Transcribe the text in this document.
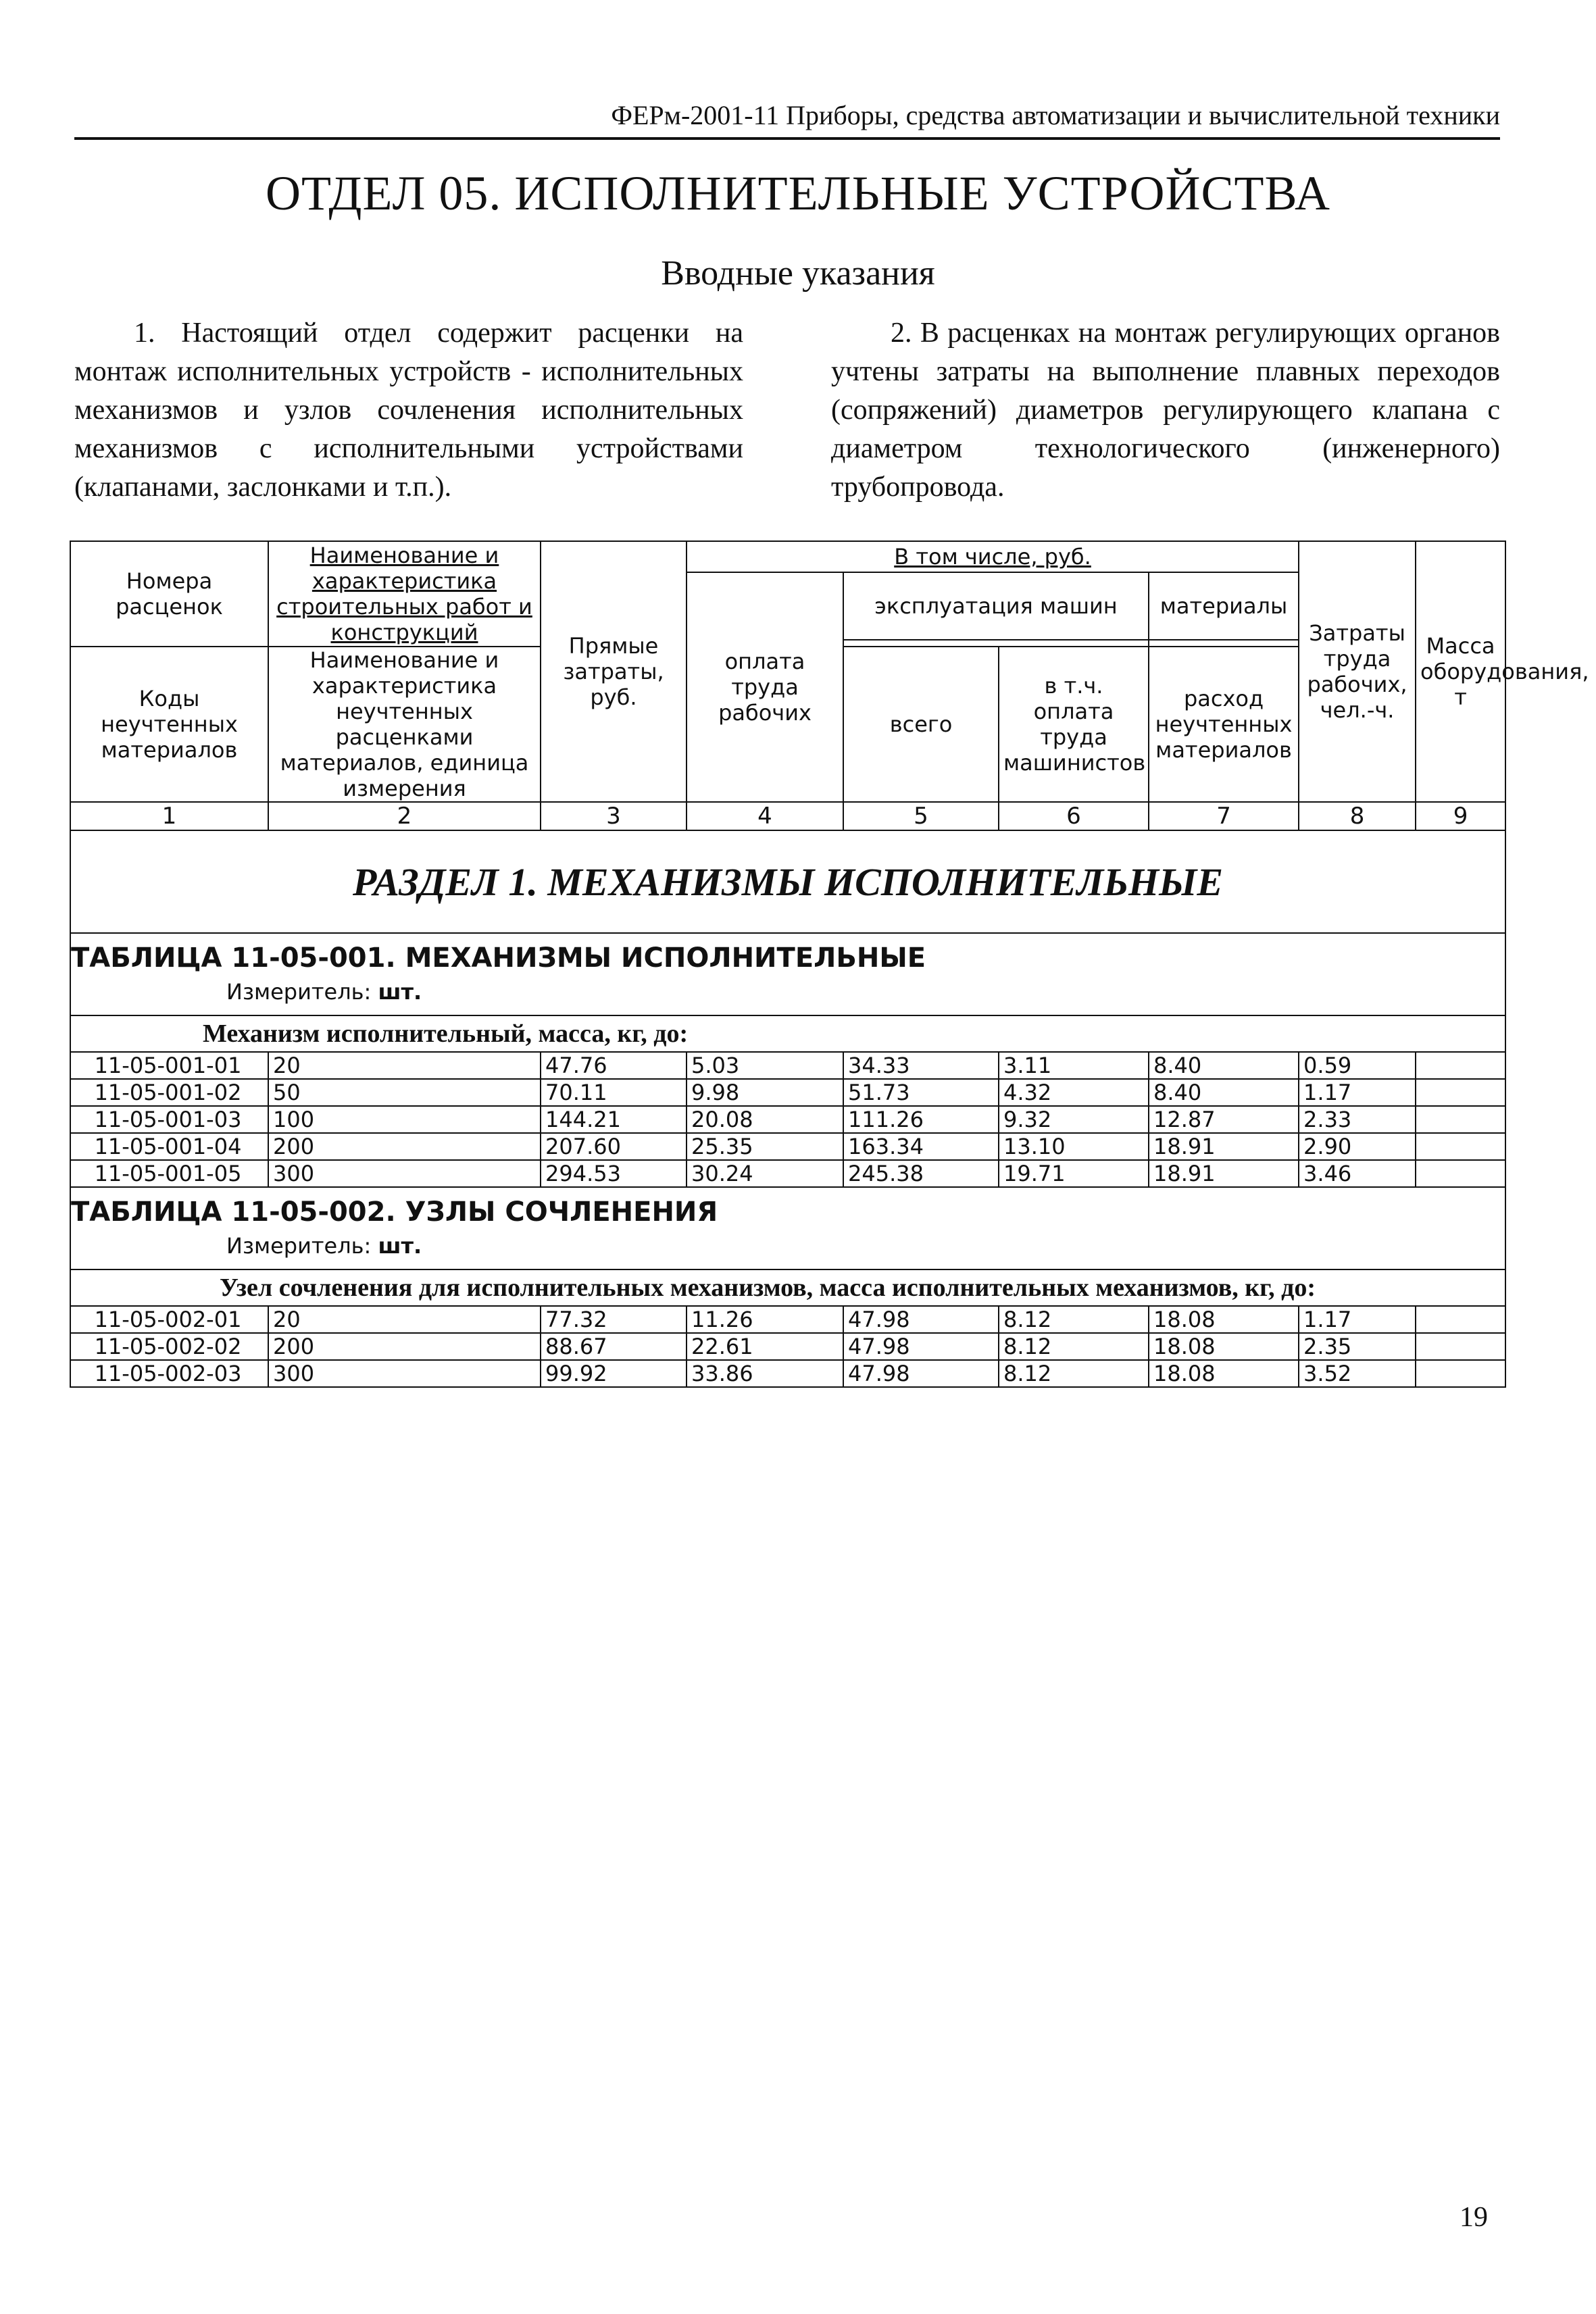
ФЕРм-2001-11 Приборы, средства автоматизации и вычислительной техники
ОТДЕЛ 05. ИСПОЛНИТЕЛЬНЫЕ УСТРОЙСТВА
Вводные указания
1. Настоящий отдел содержит расценки на монтаж исполнительных устройств - исполнительных механизмов и узлов сочленения исполнительных механизмов с исполнительными устройствами (клапанами, заслонками и т.п.).
2. В расценках на монтаж регулирующих органов учтены затраты на выполнение плавных переходов (сопряжений) диаметров регулирующего клапана с диаметром технологического (инженерного) трубопровода.
Номера расценок	Наименование и характеристика строительных работ и конструкций	Прямые затраты, руб.	В том числе, руб.				Затраты труда рабочих, чел.-ч.	Масса оборудования, т
			оплата труда рабочих	эксплуатация машин		материалы		

Коды неучтенных материалов	Наименование и характеристика неучтенных расценками материалов, единица измерения			всего	в т.ч. оплата труда машинистов	расход неучтенных материалов		

1	2	3	4	5	6	7	8	9
РАЗДЕЛ 1. МЕХАНИЗМЫ ИСПОЛНИТЕЛЬНЫЕ								
ТАБЛИЦА 11-05-001. МЕХАНИЗМЫ ИСПОЛНИТЕЛЬНЫЕ								
Измеритель: шт.								
Механизм исполнительный, масса, кг, до:								
11-05-001-01	20	47.76	5.03	34.33	3.11	8.40	0.59	
11-05-001-02	50	70.11	9.98	51.73	4.32	8.40	1.17	
11-05-001-03	100	144.21	20.08	111.26	9.32	12.87	2.33	
11-05-001-04	200	207.60	25.35	163.34	13.10	18.91	2.90	
11-05-001-05	300	294.53	30.24	245.38	19.71	18.91	3.46	
ТАБЛИЦА 11-05-002. УЗЛЫ СОЧЛЕНЕНИЯ								
Измеритель: шт.								
Узел сочленения для исполнительных механизмов, масса исполнительных механизмов, кг, до:								
11-05-002-01	20	77.32	11.26	47.98	8.12	18.08	1.17	
11-05-002-02	200	88.67	22.61	47.98	8.12	18.08	2.35	
11-05-002-03	300	99.92	33.86	47.98	8.12	18.08	3.52	
19
